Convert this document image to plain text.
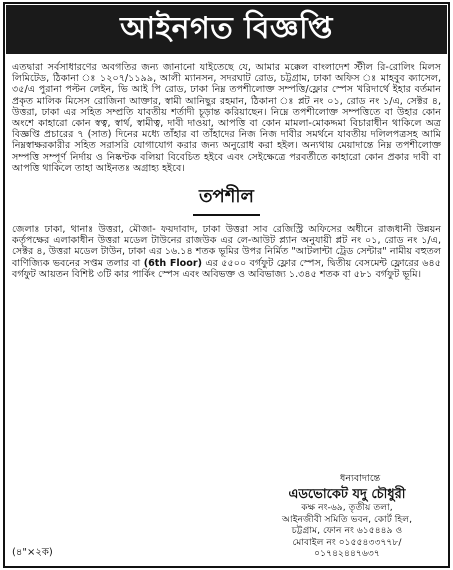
আইনগত বিজ্ঞপ্তি

এতদ্বারা সর্বসাধারণের অবগতির জন্য জানানো যাইতেছে যে, আমার মক্কেল বাংলাদেশ স্টীল রি-রোলিং মিলস লিমিটেড, ঠিকানা ঃ ১২০৭/১১৯৯, আলী ম্যানসন, সদরঘাট রোড, চট্টগ্রাম, ঢাকা অফিস ঃ মাহবুব ক্যাসেল, ৩৫/এ পুরানা পল্টন লেইন, ভি আই পি রোড, ঢাকা নিম্ন তপশীলোক্ত সম্পত্তি/ফ্লোর স্পেস খরিদার্থে ইহার বর্তমান প্রকৃত মালিক মিসেস রোজিনা আক্তার, স্বামী আনিছুর রহমান, ঠিকানা ঃ প্লট নং ০১, রোড নং ১/এ, সেক্টর ৪, উত্তরা, ঢাকা এর সহিত সম্প্রতি যাবতীয় শর্তাদী চূড়ান্ত করিয়াছেন। নিম্নে তপশীলোক্ত সম্পত্তিতে বা উহার কোন অংশে কাহারো কোন স্বত্ব, স্বার্থ, স্বামীত্ব, দাবী দাওয়া, আপত্তি বা কোন মামলা-মোকদ্দমা বিচারাধীন থাকিলে অত্র বিজ্ঞপ্তি প্রচারের ৭ (সাত) দিনের মধ্যে তাঁহার বা তাঁহাদের নিজ নিজ দাবীর সমর্থনে যাবতীয় দলিলপত্রসহ আমি নিম্নস্বাক্ষরকারীর সহিত সরাসরি যোগাযোগ করার জন্য অনুরোধ করা হইল। অন্যথায় মেয়াদান্তে নিম্ন তপশীলোক্ত সম্পত্তি সম্পূর্ণ নির্দায় ও নিষ্কণ্টক বলিয়া বিবেচিত হইবে এবং সেইক্ষেত্রে পরবর্তীতে কাহারো কোন প্রকার দাবী বা আপত্তি থাকিলে তাহা আইনতঃ অগ্রাহ্য হইবে।

তপশীল

জেলাঃ ঢাকা, থানাঃ উত্তরা, মৌজা- ফয়দাবাদ, ঢাকা উত্তরা সাব রেজিস্ট্রি অফিসের অধীনে রাজধানী উন্নয়ন কর্তৃপক্ষের এলাকাধীন উত্তরা মডেল টাউনের রাজউক এর লে-আউট প্ল্যান অনুযায়ী প্লট নং ০১, রোড নং ১/এ, সেক্টর ৪, উত্তরা মডেল টাউন, ঢাকা এর ১৬.১৪ শতক ভূমির উপর নির্মিত "আটলান্টা ট্রেড সেন্টার" নামীয় বহুতল বাণিজ্যিক ভবনের সপ্তম তলার বা (6th Floor) এর ৫৫০০ বর্গফুট ফ্লোর স্পেস, দ্বিতীয় বেসমেন্ট ফ্লোরের ৬৪৫ বর্গফুট আয়তন বিশিষ্ট ৩টি কার পার্কিং স্পেস এবং অবিভক্ত ও অবিভাজ্য ১.৩৪৫ শতক বা ৫৮১ বর্গফুট ভূমি।

ধন্যবাদান্তে
এডভোকেট যদু চৌধুরী
কক্ষ নং-৬৯, তৃতীয় তলা,
আইনজীবী সমিতি ভবন, কোর্ট হিল,
চট্টগ্রাম, ফোন নং ৬১৫৪৪৯ ও
মোবাইল নং ০১৫৫৪৩৩৭৭৮/
০১৭৪২৪৪৭৬৩৭
(৪"×২ক)
